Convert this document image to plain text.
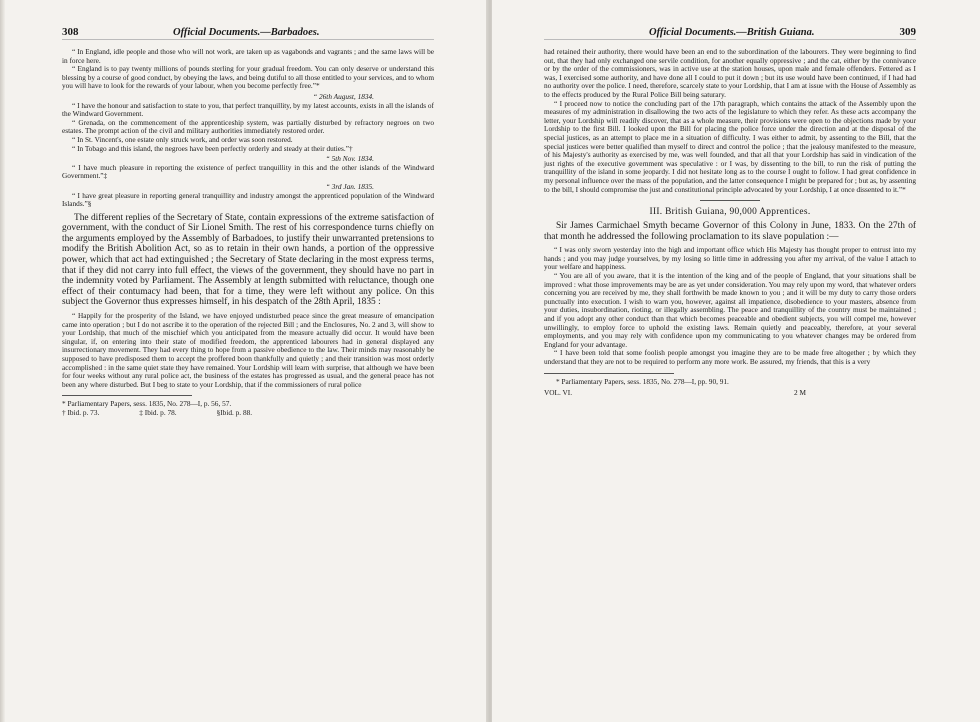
308	Official Documents.—Barbadoes.

“ In England, idle people and those who will not work, are taken up as vagabonds and vagrants ; and the same laws will be in force here.

“ England is to pay twenty millions of pounds sterling for your gradual freedom. You can only deserve or understand this blessing by a course of good conduct, by obeying the laws, and being dutiful to all those entitled to your services, and to whom you will have to look for the rewards of your labour, when you become perfectly free.”*

“ 26th August, 1834.

“ I have the honour and satisfaction to state to you, that perfect tranquillity, by my latest accounts, exists in all the islands of the Windward Government.

“ Grenada, on the commencement of the apprenticeship system, was partially disturbed by refractory negroes on two estates. The prompt action of the civil and military authorities immediately restored order.

“ In St. Vincent's, one estate only struck work, and order was soon restored.

“ In Tobago and this island, the negroes have been perfectly orderly and steady at their duties.”†

“ 5th Nov. 1834.

“ I have much pleasure in reporting the existence of perfect tranquillity in this and the other islands of the Windward Government.”‡

“ 3rd Jan. 1835.

“ I have great pleasure in reporting general tranquillity and industry amongst the apprenticed population of the Windward Islands.”§

The different replies of the Secretary of State, contain expressions of the extreme satisfaction of government, with the conduct of Sir Lionel Smith. The rest of his correspondence turns chiefly on the arguments employed by the Assembly of Barbadoes, to justify their unwarranted pretensions to modify the British Abolition Act, so as to retain in their own hands, a portion of the oppressive power, which that act had extinguished ; the Secretary of State declaring in the most express terms, that if they did not carry into full effect, the views of the government, they should have no part in the indemnity voted by Parliament. The Assembly at length submitted with reluctance, though one effect of their contumacy had been, that for a time, they were left without any police. On this subject the Governor thus expresses himself, in his despatch of the 28th April, 1835 :

“ Happily for the prosperity of the Island, we have enjoyed undisturbed peace since the great measure of emancipation came into operation ; but I do not ascribe it to the operation of the rejected Bill ; and the Enclosures, No. 2 and 3, will show to your Lordship, that much of the mischief which you anticipated from the measure actually did occur. It would have been singular, if, on entering into their state of modified freedom, the apprenticed labourers had in general displayed any insurrectionary movement. They had every thing to hope from a passive obedience to the law. Their minds may reasonably be supposed to have predisposed them to accept the proffered boon thankfully and quietly ; and their transition was most orderly accomplished : in the same quiet state they have remained. Your Lordship will learn with surprise, that although we have been for four weeks without any rural police act, the business of the estates has progressed as usual, and the general peace has not been any where disturbed. But I beg to state to your Lordship, that if the commissioners of rural police

* Parliamentary Papers, sess. 1835, No. 278—I, p. 56, 57.

† Ibid. p. 73.	‡ Ibid. p. 78.	§Ibid. p. 88.
Official Documents.—British Guiana.	309

had retained their authority, there would have been an end to the subordination of the labourers. They were beginning to find out, that they had only exchanged one servile condition, for another equally oppressive ; and the cat, either by the connivance or by the order of the commissioners, was in active use at the station houses, upon male and female offenders. Fettered as I was, I exercised some authority, and have done all I could to put it down ; but its use would have been continued, if I had had no authority over the police. I need, therefore, scarcely state to your Lordship, that I am at issue with the House of Assembly as to the effects produced by the Rural Police Bill being saturary.

“ I proceed now to notice the concluding part of the 17th paragraph, which contains the attack of the Assembly upon the measures of my administration in disallowing the two acts of the legislature to which they refer. As these acts accompany the letter, your Lordship will readily discover, that as a whole measure, their provisions were open to the objections made by your Lordship to the first Bill. I looked upon the Bill for placing the police force under the direction and at the disposal of the special justices, as an attempt to place me in a situation of difficulty. I was either to admit, by assenting to the Bill, that the special justices were better qualified than myself to direct and control the police ; that the jealousy manifested to the measure, of his Majesty's authority as exercised by me, was well founded, and that all that your Lordship has said in vindication of the just rights of the executive government was speculative : or I was, by dissenting to the bill, to run the risk of putting the tranquillity of the island in some jeopardy. I did not hesitate long as to the course I ought to follow. I had great confidence in my personal influence over the mass of the population, and the latter consequence I might be prepared for ; but as, by assenting to the bill, I should compromise the just and constitutional principle advocated by your Lordship, I at once dissented to it.”*

III. British Guiana, 90,000 Apprentices.

Sir James Carmichael Smyth became Governor of this Colony in June, 1833. On the 27th of that month he addressed the following proclamation to its slave population :—

“ I was only sworn yesterday into the high and important office which His Majesty has thought proper to entrust into my hands ; and you may judge yourselves, by my losing so little time in addressing you after my arrival, of the value I attach to your welfare and happiness.

“ You are all of you aware, that it is the intention of the king and of the people of England, that your situations shall be improved : what those improvements may be are as yet under consideration. You may rely upon my word, that whatever orders concerning you are received by me, they shall forthwith be made known to you ; and it will be my duty to carry those orders punctually into execution. I wish to warn you, however, against all impatience, disobedience to your masters, absence from your duties, insubordination, rioting, or illegally assembling. The peace and tranquillity of the country must be maintained ; and if you adopt any other conduct than that which becomes peaceable and obedient subjects, you will compel me, however unwillingly, to employ force to uphold the existing laws. Remain quietly and peaceably, therefore, at your several employments, and you may rely with confidence upon my communicating to you whatever changes may be ordered from England for your advantage.

“ I have been told that some foolish people amongst you imagine they are to be made free altogether ; by which they understand that they are not to be required to perform any more work. Be assured, my friends, that this is a very

* Parliamentary Papers, sess. 1835, No. 278—I, pp. 90, 91.

VOL. VI.	2 M
